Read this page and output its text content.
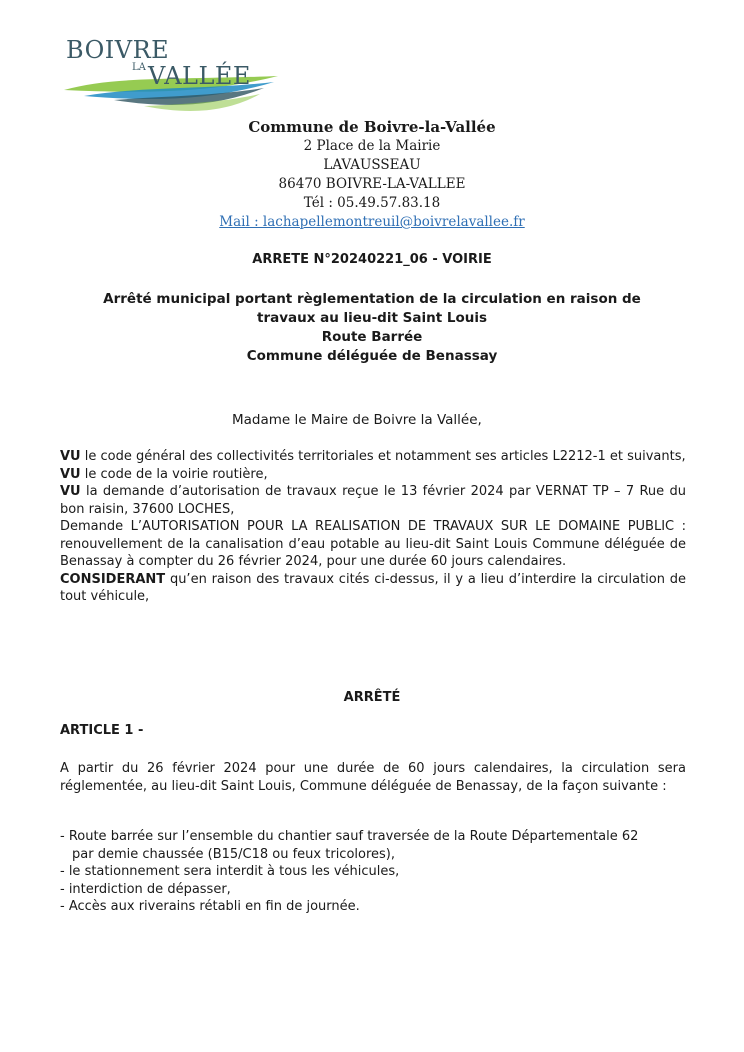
BOIVRE
LA VALLÉE
Commune de Boivre-la-Vallée
2 Place de la Mairie
LAVAUSSEAU
86470 BOIVRE-LA-VALLEE
Tél : 05.49.57.83.18
Mail : lachapellemontreuil@boivrelavallee.fr
ARRETE N°20240221_06 - VOIRIE
Arrêté municipal portant règlementation de la circulation en raison de
travaux au lieu-dit Saint Louis
Route Barrée
Commune déléguée de Benassay
Madame le Maire de Boivre la Vallée,

VU le code général des collectivités territoriales et notamment ses articles L2212-1 et suivants,

VU le code de la voirie routière,

VU la demande d’autorisation de travaux reçue le 13 février 2024 par VERNAT TP – 7 Rue du bon raisin, 37600 LOCHES,

Demande L’AUTORISATION POUR LA REALISATION DE TRAVAUX SUR LE DOMAINE PUBLIC : renouvellement de la canalisation d’eau potable au lieu-dit Saint Louis Commune déléguée de Benassay à compter du 26 février 2024, pour une durée 60 jours calendaires.

CONSIDERANT qu’en raison des travaux cités ci-dessus, il y a lieu d’interdire la circulation de tout véhicule,

ARRÊTÉ
ARTICLE 1 -

A partir du 26 février 2024 pour une durée de 60 jours calendaires, la circulation sera réglementée, au lieu-dit Saint Louis, Commune déléguée de Benassay, de la façon suivante :

- Route barrée sur l’ensemble du chantier sauf traversée de la Route Départementale 62
par demie chaussée (B15/C18 ou feux tricolores),
- le stationnement sera interdit à tous les véhicules,
- interdiction de dépasser,
- Accès aux riverains rétabli en fin de journée.
